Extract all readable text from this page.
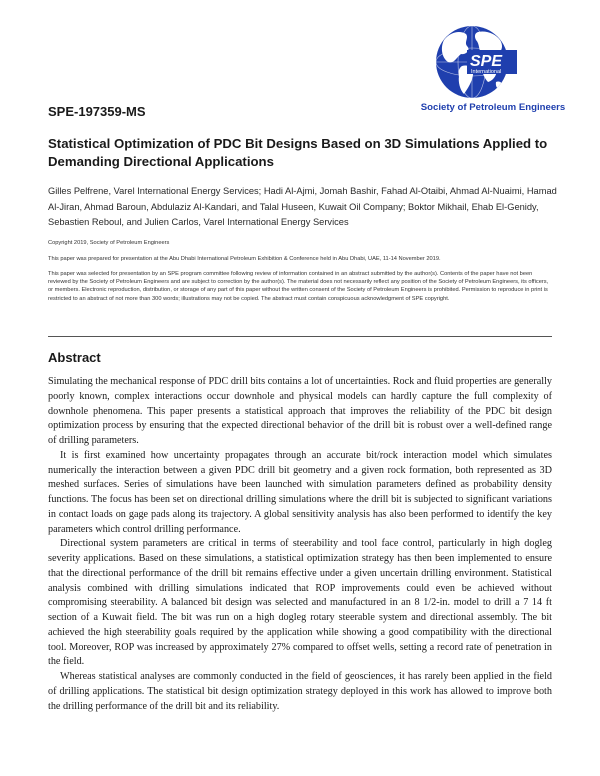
SPE
International
Society of Petroleum Engineers
SPE-197359-MS
Statistical Optimization of PDC Bit Designs Based on 3D Simulations Applied to Demanding Directional Applications

Gilles Pelfrene, Varel International Energy Services; Hadi Al-Ajmi, Jomah Bashir, Fahad Al-Otaibi, Ahmad Al-Nuaimi, Hamad Al-Jiran, Ahmad Baroun, Abdulaziz Al-Kandari, and Talal Huseen, Kuwait Oil Company; Boktor Mikhail, Ehab El-Genidy, Sebastien Reboul, and Julien Carlos, Varel International Energy Services

Copyright 2019, Society of Petroleum Engineers

This paper was prepared for presentation at the Abu Dhabi International Petroleum Exhibition & Conference held in Abu Dhabi, UAE, 11-14 November 2019.

This paper was selected for presentation by an SPE program committee following review of information contained in an abstract submitted by the author(s). Contents of the paper have not been reviewed by the Society of Petroleum Engineers and are subject to correction by the author(s). The material does not necessarily reflect any position of the Society of Petroleum Engineers, its officers, or members. Electronic reproduction, distribution, or storage of any part of this paper without the written consent of the Society of Petroleum Engineers is prohibited. Permission to reproduce in print is restricted to an abstract of not more than 300 words; illustrations may not be copied. The abstract must contain conspicuous acknowledgment of SPE copyright.

Abstract

Simulating the mechanical response of PDC drill bits contains a lot of uncertainties. Rock and fluid properties are generally poorly known, complex interactions occur downhole and physical models can hardly capture the full complexity of downhole phenomena. This paper presents a statistical approach that improves the reliability of the PDC bit design optimization process by ensuring that the expected directional behavior of the drill bit is robust over a well-defined range of drilling parameters.

It is first examined how uncertainty propagates through an accurate bit/rock interaction model which simulates numerically the interaction between a given PDC drill bit geometry and a given rock formation, both represented as 3D meshed surfaces. Series of simulations have been launched with simulation parameters defined as probability density functions. The focus has been set on directional drilling simulations where the drill bit is subjected to significant variations in contact loads on gage pads along its trajectory. A global sensitivity analysis has also been performed to identify the key parameters which control drilling performance.

Directional system parameters are critical in terms of steerability and tool face control, particularly in high dogleg severity applications. Based on these simulations, a statistical optimization strategy has then been implemented to ensure that the directional performance of the drill bit remains effective under a given uncertain drilling environment. Statistical analysis combined with drilling simulations indicated that ROP improvements could even be achieved without compromising steerability. A balanced bit design was selected and manufactured in an 8 1/2-in. model to drill a 7 14 ft section of a Kuwait field. The bit was run on a high dogleg rotary steerable system and directional assembly. The bit achieved the high steerability goals required by the application while showing a good compatibility with the directional tool. Moreover, ROP was increased by approximately 27% compared to offset wells, setting a record rate of penetration in the field.

Whereas statistical analyses are commonly conducted in the field of geosciences, it has rarely been applied in the field of drilling applications. The statistical bit design optimization strategy deployed in this work has allowed to improve both the drilling performance of the drill bit and its reliability.
